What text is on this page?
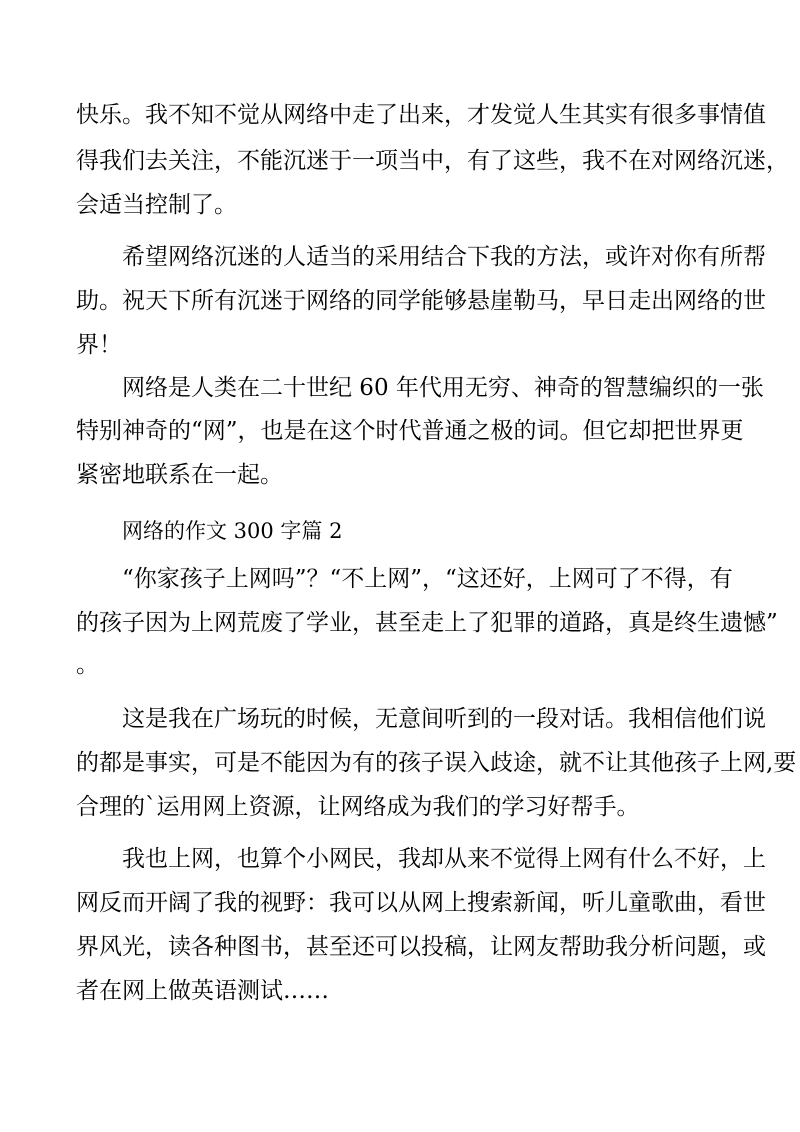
快乐。我不知不觉从网络中走了出来，才发觉人生其实有很多事情值

得我们去关注，不能沉迷于一项当中，有了这些，我不在对网络沉迷，

会适当控制了。

希望网络沉迷的人适当的采用结合下我的方法，或许对你有所帮

助。祝天下所有沉迷于网络的同学能够悬崖勒马，早日走出网络的世

界！

网络是人类在二十世纪 60 年代用无穷、神奇的智慧编织的一张

特别神奇的“网”，也是在这个时代普通之极的词。但它却把世界更

紧密地联系在一起。

网络的作文 300 字篇 2

“你家孩子上网吗”？“不上网”，“这还好，上网可了不得，有

的孩子因为上网荒废了学业，甚至走上了犯罪的道路，真是终生遗憾”

。

这是我在广场玩的时候，无意间听到的一段对话。我相信他们说

的都是事实，可是不能因为有的孩子误入歧途，就不让其他孩子上网,要

合理的`运用网上资源，让网络成为我们的学习好帮手。

我也上网，也算个小网民，我却从来不觉得上网有什么不好，上

网反而开阔了我的视野：我可以从网上搜索新闻，听儿童歌曲，看世

界风光，读各种图书，甚至还可以投稿，让网友帮助我分析问题，或

者在网上做英语测试……
